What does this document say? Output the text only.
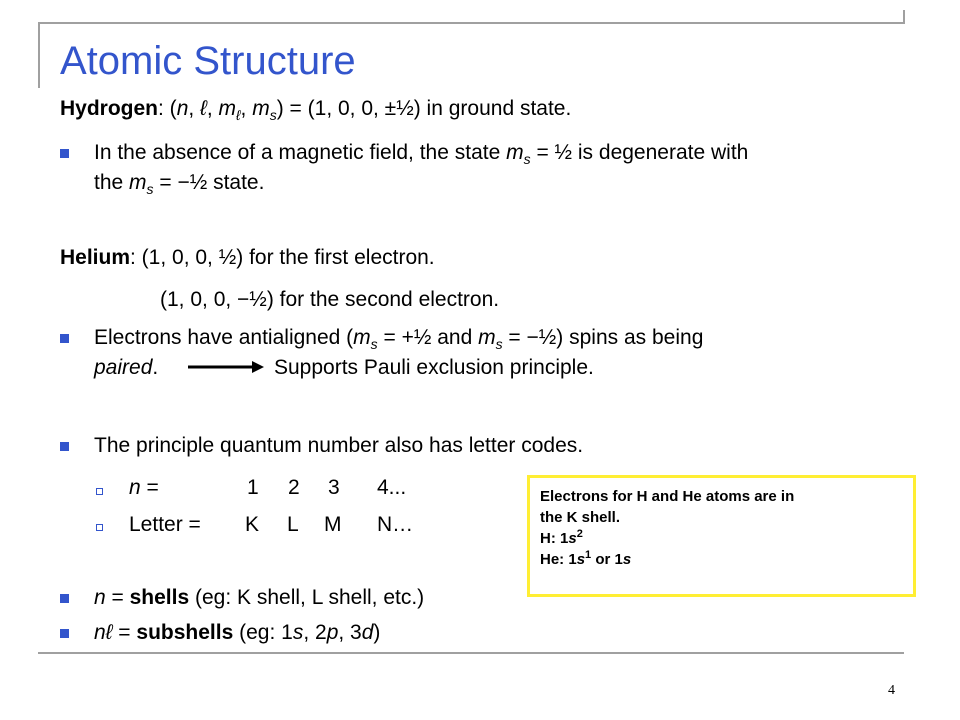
Atomic Structure
Hydrogen: (n, ℓ, $m_\ell$, $m_s) = (1$, 0, 0, ±½) in ground state.
In the absence of a magnetic field, the state $m_s$ = ½ is degenerate with
the $m_s$ = −½ state.
Helium: (1, 0, 0, ½) for the first electron.
(1, 0, 0, −½) for the second electron.
Electrons have antialigned ($m_s$ = +½ and $m_s$ = −½) spins as being
paired.	Supports Pauli exclusion principle.
The principle quantum number also has letter codes.
n =	1 2 3 4...
Letter = K L M N…
n = shells (eg: K shell, L shell, etc.)
nℓ = subshells (eg: 1s, 2p, 3d)
Electrons for H and He atoms are in
the K shell.
H: $1s^2$
He: $1s^1$ or 1s
4
